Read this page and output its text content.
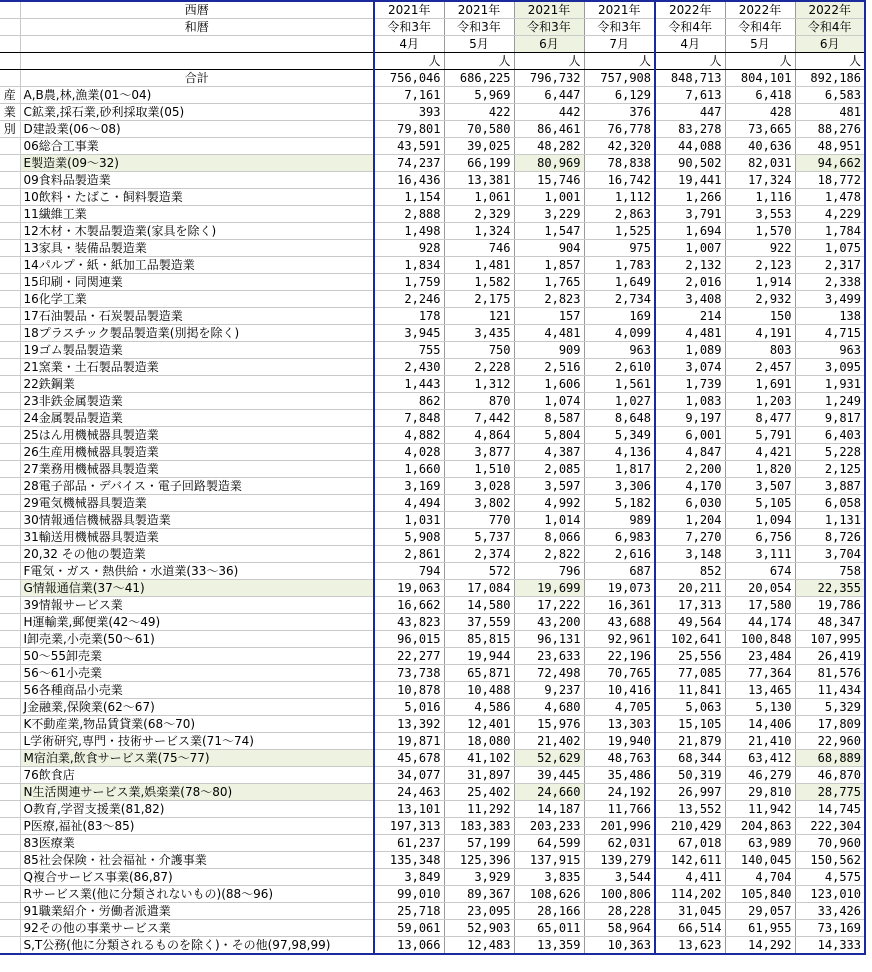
	西暦	2021年	2021年	2021年	2021年	2022年	2022年	2022年
	和暦	令和3年	令和3年	令和3年	令和3年	令和4年	令和4年	令和4年
		4月	5月	6月	7月	4月	5月	6月
		人	人	人	人	人	人	人
	合計	756,046	686,225	796,732	757,908	848,713	804,101	892,186
産	A,B農,林,漁業(01～04)	7,161	5,969	6,447	6,129	7,613	6,418	6,583
業	C鉱業,採石業,砂利採取業(05)	393	422	442	376	447	428	481
別	D建設業(06～08)	79,801	70,580	86,461	76,778	83,278	73,665	88,276
	06総合工事業	43,591	39,025	48,282	42,320	44,088	40,636	48,951
	E製造業(09～32)	74,237	66,199	80,969	78,838	90,502	82,031	94,662
	09食料品製造業	16,436	13,381	15,746	16,742	19,441	17,324	18,772
	10飲料・たばこ・飼料製造業	1,154	1,061	1,001	1,112	1,266	1,116	1,478
	11繊維工業	2,888	2,329	3,229	2,863	3,791	3,553	4,229
	12木材・木製品製造業(家具を除く)	1,498	1,324	1,547	1,525	1,694	1,570	1,784
	13家具・装備品製造業	928	746	904	975	1,007	922	1,075
	14パルプ・紙・紙加工品製造業	1,834	1,481	1,857	1,783	2,132	2,123	2,317
	15印刷・同関連業	1,759	1,582	1,765	1,649	2,016	1,914	2,338
	16化学工業	2,246	2,175	2,823	2,734	3,408	2,932	3,499
	17石油製品・石炭製品製造業	178	121	157	169	214	150	138
	18プラスチック製品製造業(別掲を除く)	3,945	3,435	4,481	4,099	4,481	4,191	4,715
	19ゴム製品製造業	755	750	909	963	1,089	803	963
	21窯業・土石製品製造業	2,430	2,228	2,516	2,610	3,074	2,457	3,095
	22鉄鋼業	1,443	1,312	1,606	1,561	1,739	1,691	1,931
	23非鉄金属製造業	862	870	1,074	1,027	1,083	1,203	1,249
	24金属製品製造業	7,848	7,442	8,587	8,648	9,197	8,477	9,817
	25はん用機械器具製造業	4,882	4,864	5,804	5,349	6,001	5,791	6,403
	26生産用機械器具製造業	4,028	3,877	4,387	4,136	4,847	4,421	5,228
	27業務用機械器具製造業	1,660	1,510	2,085	1,817	2,200	1,820	2,125
	28電子部品・デバイス・電子回路製造業	3,169	3,028	3,597	3,306	4,170	3,507	3,887
	29電気機械器具製造業	4,494	3,802	4,992	5,182	6,030	5,105	6,058
	30情報通信機械器具製造業	1,031	770	1,014	989	1,204	1,094	1,131
	31輸送用機械器具製造業	5,908	5,737	8,066	6,983	7,270	6,756	8,726
	20,32 その他の製造業	2,861	2,374	2,822	2,616	3,148	3,111	3,704
	F電気・ガス・熱供給・水道業(33～36)	794	572	796	687	852	674	758
	G情報通信業(37～41)	19,063	17,084	19,699	19,073	20,211	20,054	22,355
	39情報サービス業	16,662	14,580	17,222	16,361	17,313	17,580	19,786
	H運輸業,郵便業(42～49)	43,823	37,559	43,200	43,688	49,564	44,174	48,347
	I卸売業,小売業(50～61)	96,015	85,815	96,131	92,961	102,641	100,848	107,995
	50～55卸売業	22,277	19,944	23,633	22,196	25,556	23,484	26,419
	56～61小売業	73,738	65,871	72,498	70,765	77,085	77,364	81,576
	56各種商品小売業	10,878	10,488	9,237	10,416	11,841	13,465	11,434
	J金融業,保険業(62～67)	5,016	4,586	4,680	4,705	5,063	5,130	5,329
	K不動産業,物品賃貸業(68～70)	13,392	12,401	15,976	13,303	15,105	14,406	17,809
	L学術研究,専門・技術サービス業(71～74)	19,871	18,080	21,402	19,940	21,879	21,410	22,960
	M宿泊業,飲食サービス業(75～77)	45,678	41,102	52,629	48,763	68,344	63,412	68,889
	76飲食店	34,077	31,897	39,445	35,486	50,319	46,279	46,870
	N生活関連サービス業,娯楽業(78～80)	24,463	25,402	24,660	24,192	26,997	29,810	28,775
	O教育,学習支援業(81,82)	13,101	11,292	14,187	11,766	13,552	11,942	14,745
	P医療,福祉(83～85)	197,313	183,383	203,233	201,996	210,429	204,863	222,304
	83医療業	61,237	57,199	64,599	62,031	67,018	63,989	70,960
	85社会保険・社会福祉・介護事業	135,348	125,396	137,915	139,279	142,611	140,045	150,562
	Q複合サービス事業(86,87)	3,849	3,929	3,835	3,544	4,411	4,704	4,575
	Rサービス業(他に分類されないもの)(88～96)	99,010	89,367	108,626	100,806	114,202	105,840	123,010
	91職業紹介・労働者派遣業	25,718	23,095	28,166	28,228	31,045	29,057	33,426
	92その他の事業サービス業	59,061	52,903	65,011	58,964	66,514	61,955	73,169
	S,T公務(他に分類されるものを除く)・その他(97,98,99)	13,066	12,483	13,359	10,363	13,623	14,292	14,333
